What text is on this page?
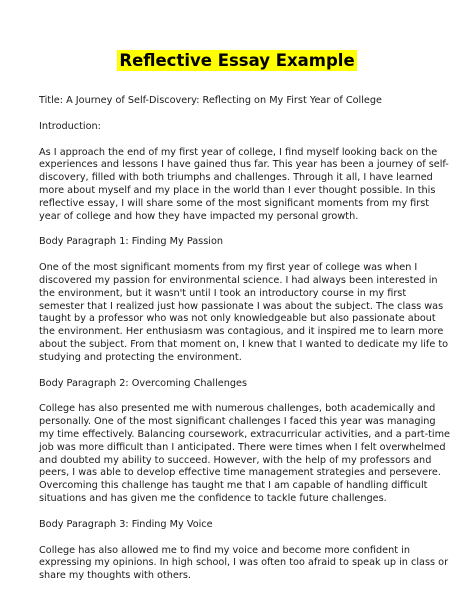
Reflective Essay Example

Title: A Journey of Self-Discovery: Reflecting on My First Year of College

Introduction:

As I approach the end of my first year of college, I find myself looking back on the experiences and lessons I have gained thus far. This year has been a journey of self-discovery, filled with both triumphs and challenges. Through it all, I have learned more about myself and my place in the world than I ever thought possible. In this reflective essay, I will share some of the most significant moments from my first year of college and how they have impacted my personal growth.

Body Paragraph 1: Finding My Passion

One of the most significant moments from my first year of college was when I discovered my passion for environmental science. I had always been interested in the environment, but it wasn't until I took an introductory course in my first semester that I realized just how passionate I was about the subject. The class was taught by a professor who was not only knowledgeable but also passionate about the environment. Her enthusiasm was contagious, and it inspired me to learn more about the subject. From that moment on, I knew that I wanted to dedicate my life to studying and protecting the environment.

Body Paragraph 2: Overcoming Challenges

College has also presented me with numerous challenges, both academically and personally. One of the most significant challenges I faced this year was managing my time effectively. Balancing coursework, extracurricular activities, and a part-time job was more difficult than I anticipated. There were times when I felt overwhelmed and doubted my ability to succeed. However, with the help of my professors and peers, I was able to develop effective time management strategies and persevere. Overcoming this challenge has taught me that I am capable of handling difficult situations and has given me the confidence to tackle future challenges.

Body Paragraph 3: Finding My Voice

College has also allowed me to find my voice and become more confident in expressing my opinions. In high school, I was often too afraid to speak up in class or share my thoughts with others.
